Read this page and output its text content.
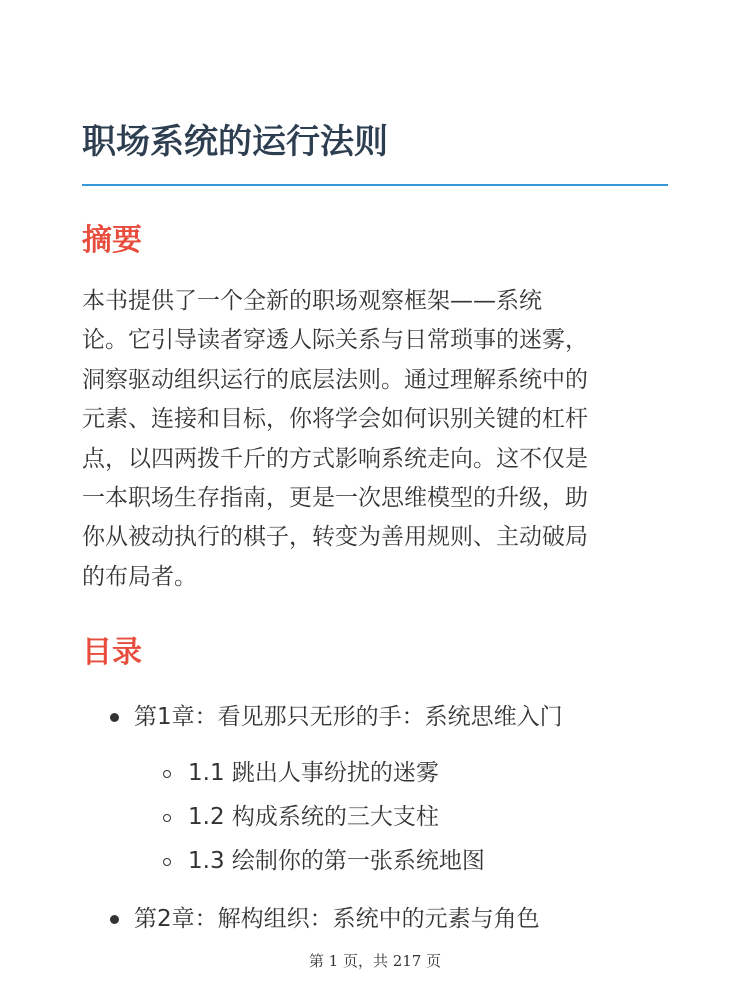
职场系统的运行法则
摘要

本书提供了一个全新的职场观察框架——系统
论。它引导读者穿透人际关系与日常琐事的迷雾，
洞察驱动组织运行的底层法则。通过理解系统中的
元素、连接和目标，你将学会如何识别关键的杠杆
点，以四两拨千斤的方式影响系统走向。这不仅是
一本职场生存指南，更是一次思维模型的升级，助
你从被动执行的棋子，转变为善用规则、主动破局
的布局者。

目录
第1章：看见那只无形的手：系统思维入门
1.1 跳出人事纷扰的迷雾
1.2 构成系统的三大支柱
1.3 绘制你的第一张系统地图
第2章：解构组织：系统中的元素与角色
第 1 页，共 217 页
